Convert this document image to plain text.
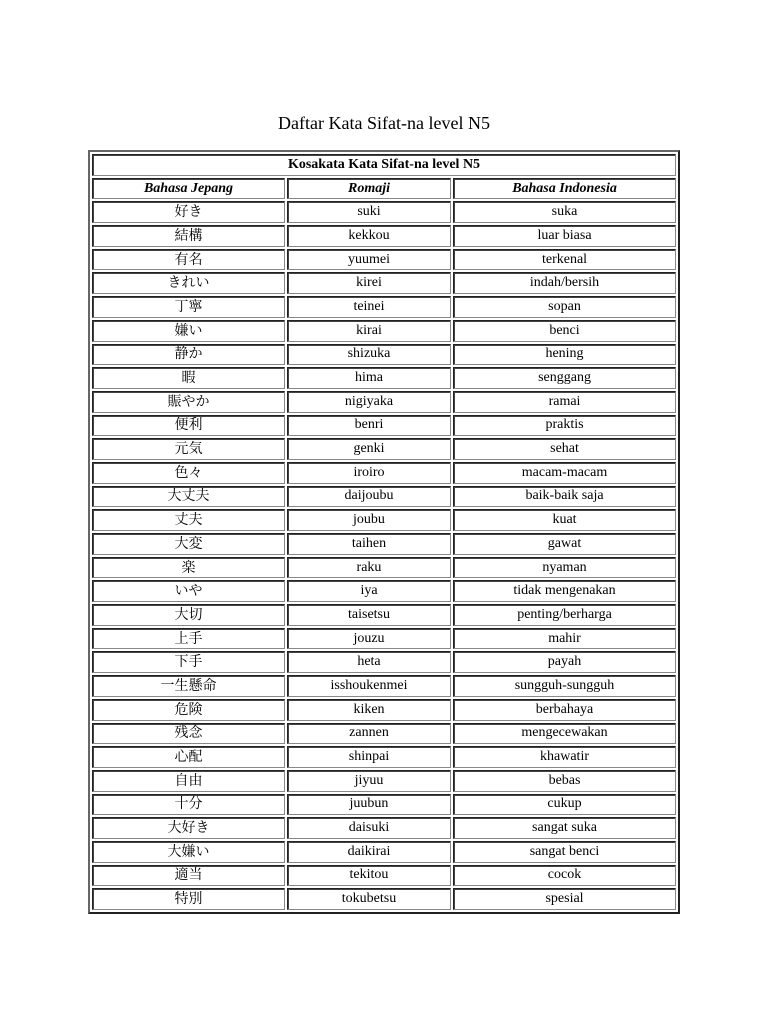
Daftar Kata Sifat-na level N5
Kosakata Kata Sifat-na level N5		
Bahasa Jepang	Romaji	Bahasa Indonesia
好き	suki	suka
結構	kekkou	luar biasa
有名	yuumei	terkenal
きれい	kirei	indah/bersih
丁寧	teinei	sopan
嫌い	kirai	benci
静か	shizuka	hening
暇	hima	senggang
賑やか	nigiyaka	ramai
便利	benri	praktis
元気	genki	sehat
色々	iroiro	macam-macam
大丈夫	daijoubu	baik-baik saja
丈夫	joubu	kuat
大変	taihen	gawat
楽	raku	nyaman
いや	iya	tidak mengenakan
大切	taisetsu	penting/berharga
上手	jouzu	mahir
下手	heta	payah
一生懸命	isshoukenmei	sungguh-sungguh
危険	kiken	berbahaya
残念	zannen	mengecewakan
心配	shinpai	khawatir
自由	jiyuu	bebas
十分	juubun	cukup
大好き	daisuki	sangat suka
大嫌い	daikirai	sangat benci
適当	tekitou	cocok
特別	tokubetsu	spesial
